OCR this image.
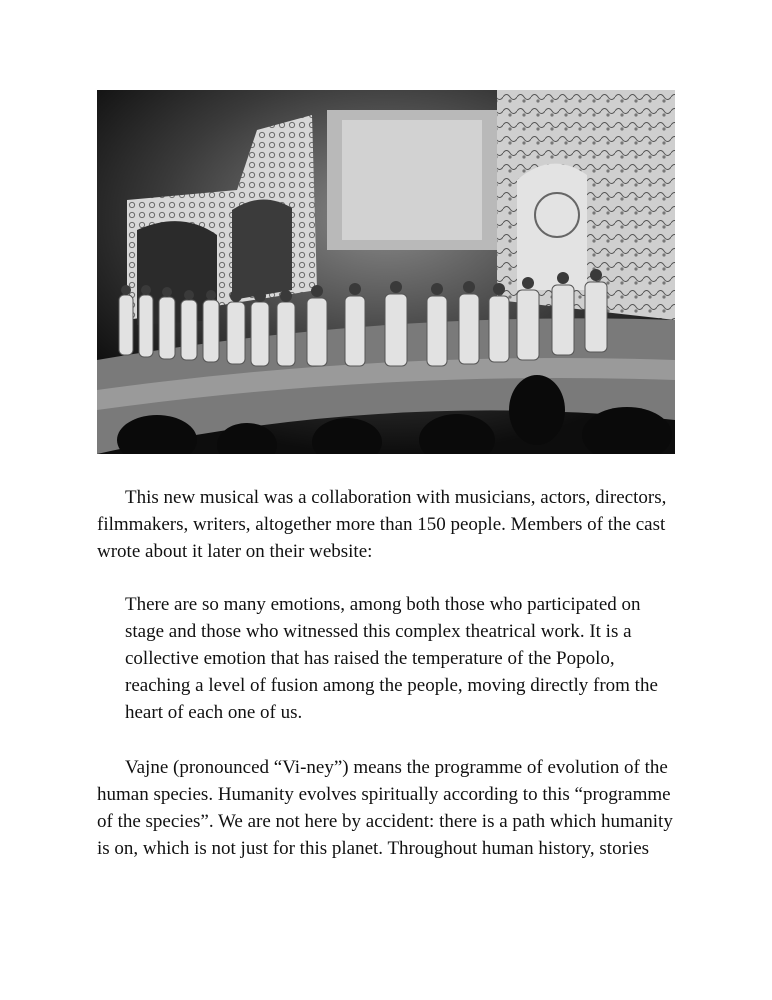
This new musical was a collaboration with musicians, actors, directors, filmmakers, writers, altogether more than 150 people. Members of the cast wrote about it later on their website:

There are so many emotions, among both those who participated on stage and those who witnessed this complex theatrical work. It is a collective emotion that has raised the temperature of the Popolo, reaching a level of fusion among the people, moving directly from the heart of each one of us.

Vajne (pronounced “Vi-ney”) means the programme of evolution of the human species. Humanity evolves spiritually according to this “programme of the species”. We are not here by accident: there is a path which humanity is on, which is not just for this planet. Throughout human history, stories
